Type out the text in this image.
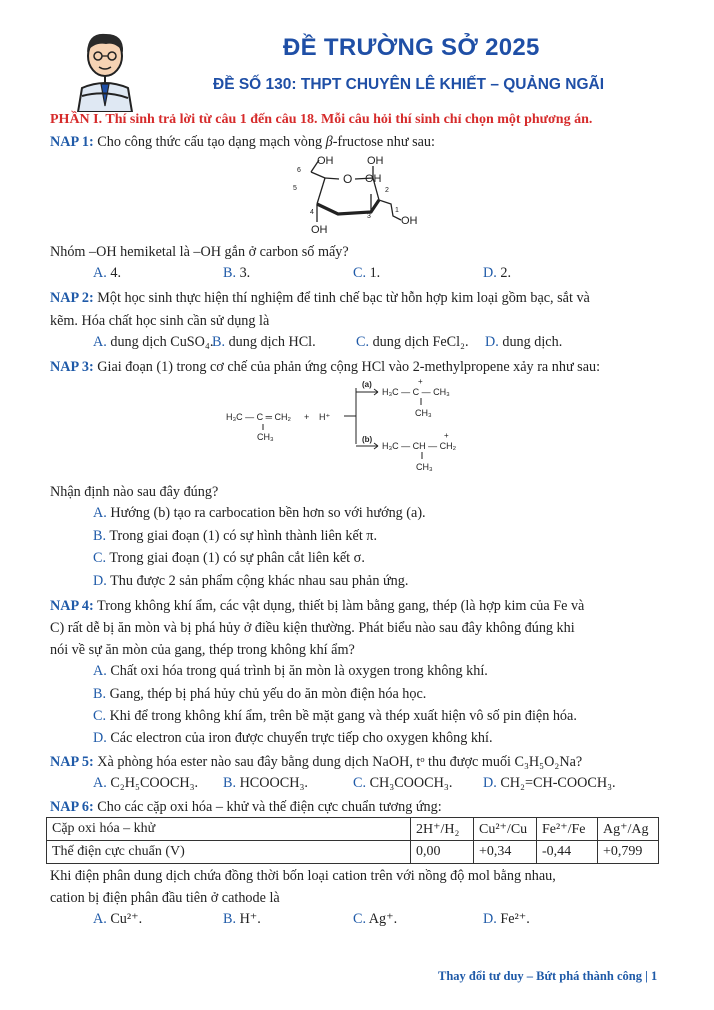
ĐỀ TRƯỜNG SỞ 2025
ĐỀ SỐ 130: THPT CHUYÊN LÊ KHIẾT – QUẢNG NGÃI
PHẦN I. Thí sinh trả lời từ câu 1 đến câu 18. Mỗi câu hỏi thí sinh chỉ chọn một phương án.
NAP 1: Cho công thức cấu tạo dạng mạch vòng β-fructose như sau:
OH
6
O
OH
OH
5	2
4
3
1
OH
OH
Nhóm –OH hemiketal là –OH gắn ở carbon số mấy?
A. 4.	B. 3.	C. 1.	D. 2.
NAP 2: Một học sinh thực hiện thí nghiệm để tinh chế bạc từ hỗn hợp kim loại gồm bạc, sắt và
kẽm. Hóa chất học sinh cần sử dụng là
A. dung dịch CuSO₄.
B. dung dịch HCl.	C. dung dịch FeCl₂. D. dung dịch.
NAP 3: Giai đoạn (1) trong cơ chế của phản ứng cộng HCl vào 2-methylpropene xảy ra như sau:
H₃C — C ═ CH₂
CH₃
+ H⁺
(a)
(b)
H₃C — C — CH₃
+
CH₃
H₃C — CH — CH₂
+
CH₃
Nhận định nào sau đây đúng?
A. Hướng (b) tạo ra carbocation bền hơn so với hướng (a).
B. Trong giai đoạn (1) có sự hình thành liên kết π.
C. Trong giai đoạn (1) có sự phân cắt liên kết σ.
D. Thu được 2 sản phẩm cộng khác nhau sau phản ứng.
NAP 4: Trong không khí ẩm, các vật dụng, thiết bị làm bằng gang, thép (là hợp kim của Fe và
C) rất dễ bị ăn mòn và bị phá hủy ở điều kiện thường. Phát biểu nào sau đây không đúng khi
nói về sự ăn mòn của gang, thép trong không khí ẩm?
A. Chất oxi hóa trong quá trình bị ăn mòn là oxygen trong không khí.
B. Gang, thép bị phá hủy chủ yếu do ăn mòn điện hóa học.
C. Khi để trong không khí ẩm, trên bề mặt gang và thép xuất hiện vô số pin điện hóa.
D. Các electron của iron được chuyển trực tiếp cho oxygen không khí.
NAP 5: Xà phòng hóa ester nào sau đây bằng dung dịch NaOH, tᵒ thu được muối C₃H₅O₂Na?
A. C₂H₅COOCH₃. B. HCOOCH₃.	C. CH₃COOCH₃. D. CH₂=CH-COOCH₃.
NAP 6: Cho các cặp oxi hóa – khử và thế điện cực chuẩn tương ứng:
Cặp oxi hóa – khử	2H⁺/H₂	Cu²⁺/Cu	Fe²⁺/Fe	Ag⁺/Ag
Thế điện cực chuẩn (V)	0,00	+0,34	-0,44	+0,799
Khi điện phân dung dịch chứa đồng thời bốn loại cation trên với nồng độ mol bằng nhau,
cation bị điện phân đầu tiên ở cathode là
A. Cu²⁺.	B. H⁺.	C. Ag⁺.	D. Fe²⁺.
Thay đổi tư duy – Bứt phá thành công | 1
